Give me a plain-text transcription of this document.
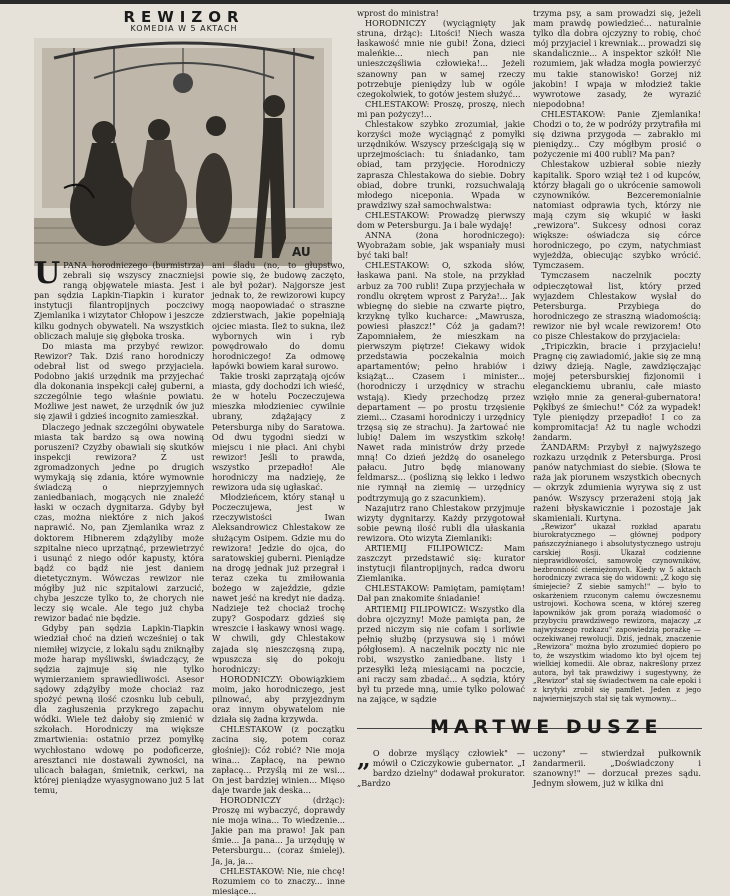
REWIZOR
KOMEDIA W 5 AKTACH
AU

UPANA horodniczego (burmistrza) zebrali się wszyscy znaczniejsi rangą objęwatele miasta. Jest i pan sędzia Lapkin-Tiapkin i kurator instytucji filantropijnych poczciwy Zjemlanika i wizytator Chłopow i jeszcze kilku godnych obywateli. Na wszystkich obliczach maluje się głęboka troska.

Do miasta ma przybyć rewizor. Rewizor? Tak. Dziś rano horodniczy odebrał list od swego przyjaciela. Podobno jakiś urzędnik ma przyjechać dla dokonania inspekcji całej guberni, a szczególnie tego właśnie powiatu. Możliwe jest nawet, że urzędnik ów już się zjawił i gdzieś incognito zamieszkał.

Dlaczego jednak szczególni obywatele miasta tak bardzo są owa nowiną poruszeni? Czyżby obawiali się skutków inspekcji rewizora? Z ust zgromadzonych jedne po drugich wymykają się zdania, które wymownie świadczą o nieprzyjemnych zaniedbaniach, mogących nie znaleźć łaski w oczach dygnitarza. Gdyby był czas, można niektóre z nich jakoś naprawić. No, pan Zjemlanika wraz z doktorem Hibnerem zdążyliby może szpitalne nieco uprzątnąć, przewietrzyć i usunąć z niego odór kapusty, która bądź co bądź nie jest daniem dietetycznym. Wówczas rewizor nie mógłby już nic szpitalowi zarzucić, chyba jeszcze tylko to, że chorych nie leczy się wcale. Ale tego już chyba rewizor badać nie będzie.

Gdyby pan sędzia Lapkin-Tiapkin wiedział choć na dzień wcześniej o tak niemiłej wizycie, z lokalu sądu zniknąłby może harap myśliwski, świadczący, że sędzia zajmuje się nie tylko wymierzaniem sprawiedliwości. Asesor sądowy zdążyłby może chociaż raz spożyć pewną ilość czosnku lub cebuli, dla zagłuszenia przykrego zapachu wódki. Wiele też dałoby się zmienić w szkołach. Horodniczy ma większe zmartwienia: ostatnio przez pomyłkę wychłostano wdowę po podoficerze, aresztanci nie dostawali żywności, na ulicach bałagan, śmietnik, cerkwi, na której pieniądze wyasygnowano już 5 lat temu,

ani śladu (no, to głupstwo, powie się, że budowę zaczęto, ale był pożar). Najgorsze jest jednak to, że rewizorowi kupcy mogą naopowiadać o straszne zdzierstwach, jakie popełniają ojciec miasta. Ileż to sukna, ileż wybornych win i ryb powędrowało do domu horodniczego! Za odmowę łapówki bowiem karał surowo.

Takie troski zaprzątają ojców miasta, gdy dochodzi ich wieść, że w hotelu Poczeczujewa mieszka młodzieniec cywilnie ubrany, zdążający z Petersburga niby do Saratowa. Od dwu tygodni siedzi w miejscu i nie płaci. Ani chybi rewizor! Jeśli to prawda, wszystko przepadło! Ale horodniczy ma nadzieję, że rewizora uda się ugłaskać.

Młodzieńcem, który stanął u Poczeczujewa, jest w rzeczywistości Iwan Aleksandrowicz Chlestakow ze służącym Osipem. Gdzie mu do rewizora! Jedzie do ojca, do saratowskiej guberni. Pieniądze na drogę jednak już przegrał i teraz czeka tu zmiłowania bożego w zajeździe, gdzie nawet jeść na kredyt nie dadzą. Nadzieje też chociaż trochę zupy? Gospodarz gdzieś się wreszcie i łaskawy wnosi wagę. W chwili, gdy Chlestakow zajada się nieszczęsną zupą, wpuszcza się do pokoju horodniczy:

HORODNICZY: Obowiązkiem moim, jako horodniczego, jest pilnować, aby przyjezdnym oraz innym obywatelom nie działa się żadna krzywda.

CHLESTAKOW (z początku zacina się, potem coraz głośniej): Cóż robić? Nie moja wina... Zapłacę, na pewno zapłacę... Przyślą mi ze wsi... On jest bardziej winien... Mięso daje twarde jak deska...

HORODNICZY (drżąc): Proszę mi wybaczyć, doprawdy nie moja wina... To wiedzenie... Jakie pan ma prawo! Jak pan śmie... Ja pana... Ja urzęduję w Petersburgu... (coraz śmielej). Ja, ja, ja...

CHLESTAKOW: Nie, nie chcę! Rozumiem co to znaczy... inne miesiące...

wprost do ministra!

HORODNICZY (wyciągnięty jak struna, drżąc): Litości! Niech wasza łaskawość mnie nie gubi! Żona, dzieci maleńkie... niech pan nie unieszczęśliwia człowieka!... Jeżeli szanowny pan w samej rzeczy potrzebuje pieniędzy lub w ogóle czegokolwiek, to gotów jestem służyć...

CHLESTAKOW: Proszę, proszę, niech mi pan pożyczy!...

Chlestakow szybko zrozumiał, jakie korzyści może wyciągnąć z pomyłki urzędników. Wszyscy prześcigają się w uprzejmościach: tu śniadanko, tam obiad, tam przyjęcie. Horodniczy zaprasza Chlestakowa do siebie. Dobry obiad, dobre trunki, rozsuchwalają młodego niceponia. Wpada w prawdziwy szał samochwalstwa:

CHLESTAKOW: Prowadzę pierwszy dom w Petersburgu. Ja i bale wydaję!

ANNA (żona horodniczego): Wyobrażam sobie, jak wspaniały musi być taki bal!

CHLESTAKOW: O, szkoda słów, łaskawa pani. Na stole, na przykład arbuz za 700 rubli! Zupa przyjechała w rondlu okrętem wprost z Paryża!... Jak wbiegnę do siebie na czwarte piętro, krzyknę tylko kucharce: „Mawrusza, powiesi płaszcz!" Cóż ja gadam?! Zapomniałem, że mieszkam na pierwszym piętrze! Ciekawy widok przedstawia poczekalnia moich apartamentów; pełno hrabiów i książąt... Czasem i minister... (horodniczy i urzędnicy w strachu wstają). Kiedy przechodzę przez departament — po prostu trzęsienie ziemi... Czasami horodniczy i urzędnicy trzęsą się ze strachu). Ja żartować nie lubię! Dalem im wszystkim szkołę! Nawet rada ministrów drży przede mną! Co dzień jeżdżę do osanelego pałacu. Jutro będę mianowany feldmarsz... (poślizną się lekko i ledwo nie rymnął na ziemię — urzędnicy podtrzymują go z szacunkiem).

Nazajutrz rano Chlestakow przyjmuje wizyty dygnitarzy. Każdy przygotował sobie pewną ilość rubli dla ułaskania rewizora. Oto wizyta Ziemlaniki:

ARTIEMIJ FILIPOWICZ: Mam zaszczyt przedstawić się: kurator instytucji filantropijnych, radca dworu Ziemlanika.

CHLESTAKOW: Pamiętam, pamiętam! Dał pan znakomite śniadanie!

ARTIEMIJ FILIPOWICZ: Wszystko dla dobra ojczyzny! Może pamięta pan, że przed niczym się nie cofam i sorliwie pełnię służbę (przysuwa się i mówi półgłosem). A naczelnik poczty nic nie robi, wszystko zaniedbane. listy i przesyłki leżą miesiącami na poczcie, ani raczy sam zbadać... A sędzia, który był tu przede mną, umie tylko polować na zające, w sądzie

trzyma psy, a sam prowadzi się, jeżeli mam prawdę powiedzieć... naturalnie tylko dla dobra ojczyzny to robię, choć mój przyjaciel i krewniak... prowadzi się skandalicznie... A inspektor szkół! Nie rozumiem, jak władza mogła powierzyć mu takie stanowisko! Gorzej niż jakobin! I wpaja w młodzież takie wywrotowe zasady, że wyrazić niepodobna!

CHLESTAKOW: Panie Zjemlanika! Chodzi o to, że w podróży przytrafiła mi się dziwna przygoda — zabrakło mi pieniędzy... Czy mógłbym prosić o pożyczenie mi 400 rubli? Ma pan?

Chlestakow uzbierał sobie niezły kapitalik. Sporo wziął też i od kupców, którzy błagali go o ukrócenie samowoli czynowników. Bezceremonialnie natomiast odprawia tych, którzy nie mają czym się wkupić w łaski „rewizora". Sukcesy odnosi coraz większe: oświadcza się córce horodniczego, po czym, natychmiast wyjeżdża, obiecując szybko wrócić. Tymczasem.

Tymczasem naczelnik poczty odpieczętował list, który przed wyjazdem Chlestakow wysłał do Petersburga. Przybiega do horodniczego ze straszną wiadomością: rewizor nie był wcale rewizorem! Oto co pisze Chlestakow do przyjaciela:

„Tripiczkin, bracie i przyjacielu! Pragnę cię zawiadomić, jakie się ze mną dziwy dzieją. Nagle, zawdzięczając mojej petersburskiej fizjonomii i eleganckiemu ubraniu, całe miasto wzięło mnie za generał-gubernatora! Pękłbyś ze śmiechu!" Cóż za wypadek! Tyle pieniędzy przepadło! I co za kompromitacja! Aż tu nagle wchodzi żandarm.

ŻANDARM: Przybył z najwyższego rozkazu urzędnik z Petersburga. Prosi panów natychmiast do siebie. (Słowa te raża jak piorunem wszystkich obecnych — okrzyk zdumienia wyrywa się z ust panów. Wszyscy przerażeni stoją jak rażeni błyskawicznie i pozostaje jak skamieniali. Kurtyna.

„Rewizor" ukazał rozkład aparatu biurokratycznego — głównej podpory pańszczyźnianego i absolutystycznego ustroju carskiej Rosji. Ukazał codzienne nieprawidłowości, samowolę czynowników, bezbronność ciemiężonych. Kiedy w 5 aktach horodniczy zwraca się do widowni: „Z kogo się śmiejecie? Z siebie samych!" — było to oskarżeniem rzuconym całemu ówczesnemu ustrojowi. Kochowa scena, w której szereg łapowników jak grom porażą wiadomość o przybyciu prawdziwego rewizora, majaczy „z najwyższego rozkazu" zapowiedzią porażkę — oczekiwanej rewolucji. Dziś, jednak, znaczenie „Rewizora" można było zrozumieć dopiero po to, że wszystkim wiadomo kto był ojcem tej wielkiej komedii. Ale obraz, nakreślony przez autora, był tak prawdziwy i sugestywny, że „Rewizor" stał się świadectwem na całe epoki i z krytyki zrobił się pamflet. Jeden z jego najwierniejszych stał się tak wymowny...

MARTWE DUSZE
„ O dobrze myślący człowiek" — mówił o Cziczykowie gubernator. „I bardzo dzielny" dodawał prokurator. „Bardzo
uczony" — stwierdzał pułkownik żandarmerii. „Doświadczony i szanowny!" — dorzucał prezes sądu. Jednym słowem, już w kilka dni
